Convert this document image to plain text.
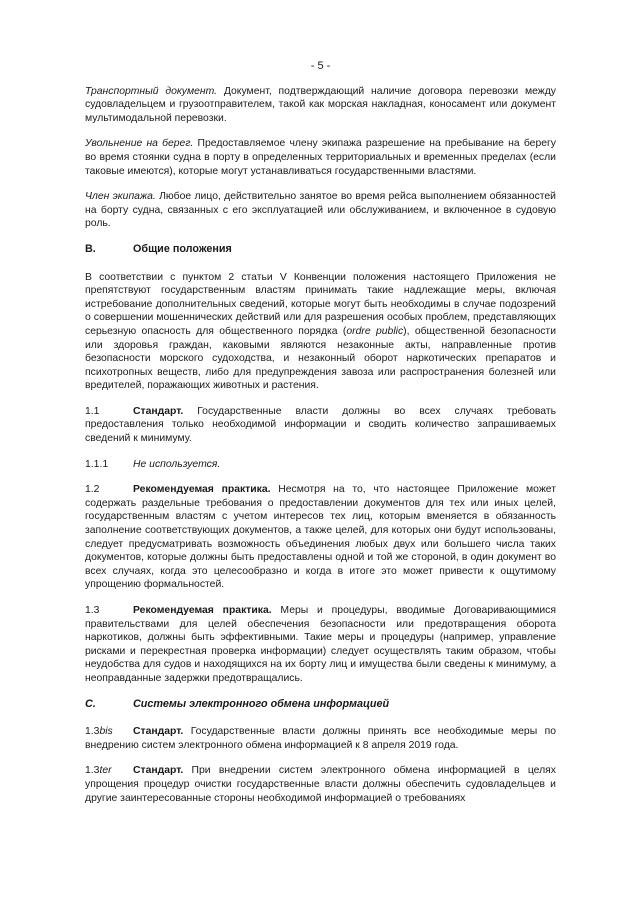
- 5 -

Транспортный документ. Документ, подтверждающий наличие договора перевозки между судовладельцем и грузоотправителем, такой как морская накладная, коносамент или документ мультимодальной перевозки.

Увольнение на берег. Предоставляемое члену экипажа разрешение на пребывание на берегу во время стоянки судна в порту в определенных территориальных и временных пределах (если таковые имеются), которые могут устанавливаться государственными властями.

Член экипажа. Любое лицо, действительно занятое во время рейса выполнением обязанностей на борту судна, связанных с его эксплуатацией или обслуживанием, и включенное в судовую роль.

B.	Общие положения

В соответствии с пунктом 2 статьи V Конвенции положения настоящего Приложения не препятствуют государственным властям принимать такие надлежащие меры, включая истребование дополнительных сведений, которые могут быть необходимы в случае подозрений о совершении мошеннических действий или для разрешения особых проблем, представляющих серьезную опасность для общественного порядка (ordre public), общественной безопасности или здоровья граждан, каковыми являются незаконные акты, направленные против безопасности морского судоходства, и незаконный оборот наркотических препаратов и психотропных веществ, либо для предупреждения завоза или распространения болезней или вредителей, поражающих животных и растения.

1.1	Стандарт. Государственные власти должны во всех случаях требовать предоставления только необходимой информации и сводить количество запрашиваемых сведений к минимуму.
1.1.1 Не используется.
1.2	Рекомендуемая практика. Несмотря на то, что настоящее Приложение может содержать раздельные требования о предоставлении документов для тех или иных целей, государственным властям с учетом интересов тех лиц, которым вменяется в обязанность заполнение соответствующих документов, а также целей, для которых они будут использованы, следует предусматривать возможность объединения любых двух или большего числа таких документов, которые должны быть предоставлены одной и той же стороной, в один документ во всех случаях, когда это целесообразно и когда в итоге это может привести к ощутимому упрощению формальностей.
1.3	Рекомендуемая практика. Меры и процедуры, вводимые Договаривающимися правительствами для целей обеспечения безопасности или предотвращения оборота наркотиков, должны быть эффективными. Такие меры и процедуры (например, управление рисками и перекрестная проверка информации) следует осуществлять таким образом, чтобы неудобства для судов и находящихся на их борту лиц и имущества были сведены к минимуму, а неоправданные задержки предотвращались.
C.	Системы электронного обмена информацией
1.3bis Стандарт. Государственные власти должны принять все необходимые меры по внедрению систем электронного обмена информацией к 8 апреля 2019 года.
1.3ter Стандарт. При внедрении систем электронного обмена информацией в целях упрощения процедур очистки государственные власти должны обеспечить судовладельцев и другие заинтересованные стороны необходимой информацией о требованиях
